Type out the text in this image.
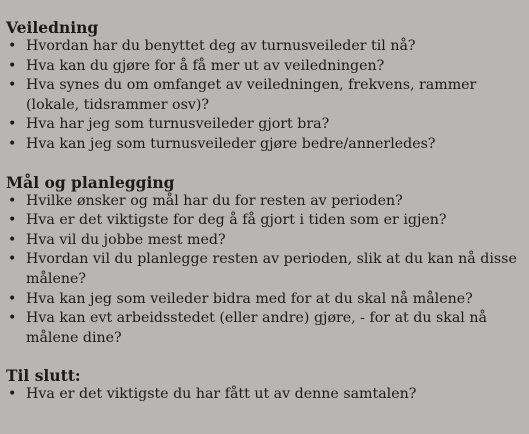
Veiledning

• Hvordan har du benyttet deg av turnusveileder til nå?
• Hva kan du gjøre for å få mer ut av veiledningen?
• Hva synes du om omfanget av veiledningen, frekvens, rammer (lokale, tidsrammer osv)?
• Hva har jeg som turnusveileder gjort bra?
• Hva kan jeg som turnusveileder gjøre bedre/annerledes?

Mål og planlegging

• Hvilke ønsker og mål har du for resten av perioden?
• Hva er det viktigste for deg å få gjort i tiden som er igjen?
• Hva vil du jobbe mest med?
• Hvordan vil du planlegge resten av perioden, slik at du kan nå disse målene?
• Hva kan jeg som veileder bidra med for at du skal nå målene?
• Hva kan evt arbeidsstedet (eller andre) gjøre, - for at du skal nå målene dine?

Til slutt:

• Hva er det viktigste du har fått ut av denne samtalen?
